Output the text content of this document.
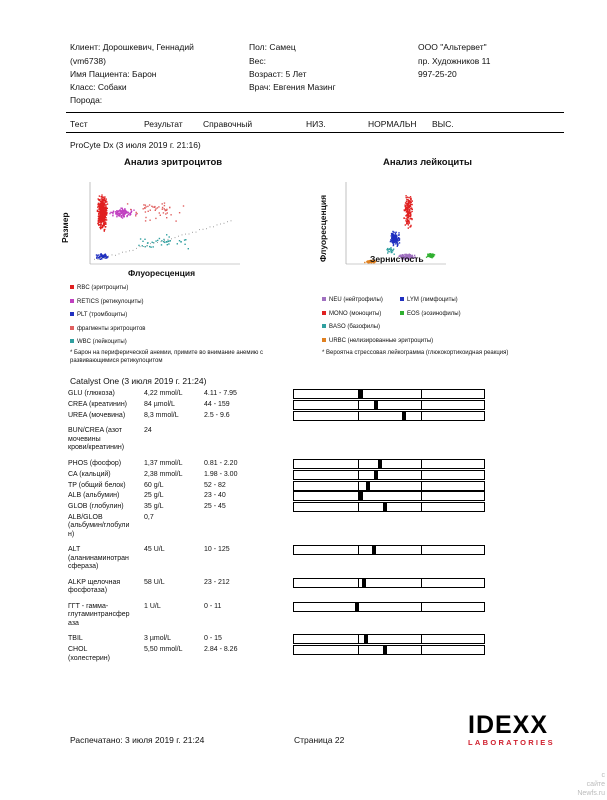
Клиент: Дорошкевич, Геннадий
(vm6738)
Имя Пациента: Барон
Класс: Собаки
Порода:
Пол: Самец
Вес:
Возраст: 5 Лет
Врач: Евгения Мазинг
ООО "Альтервет"
пр. Художников 11
997-25-20
Тест	Результат Справочный	НИЗ.	НОРМАЛЬН ВЫС.
ProCyte Dx (3 июля 2019 г. 21:16)
Анализ эритроцитов	Анализ лейкоциты
Размер
Флуоресценция
Флуоресценция	Зернистость
RBC (эритроциты)
RETICS (ретикулоциты)
PLT (тромбоциты)
фрагменты эритроцитов
WBC (лейкоциты)
NEU (нейтрофилы)
MONO (моноциты)
BASO (базофилы)
URBC (нелизированные эритроциты)
LYM (лимфоциты)
EOS (эозинофилы)
* Барон на периферической анемии, примите во внимание анемию с
развивающимися ретикулоцитом
* Вероятна стрессовая лейкограмма (глюкокортикоидная реакция)
Catalyst One (3 июля 2019 г. 21:24)
GLU (глюкоза)	4,22 mmol/L	4.11 - 7.95
CREA (креатинин) 84 µmol/L	44 - 159
UREA (мочевина)	8,3 mmol/L	2.5 - 9.6
BUN/CREA (азот
мочевины
крови/креатинин)
24
PHOS (фосфор)	1,37 mmol/L	0.81 - 2.20
CA (кальций)	2,38 mmol/L	1.98 - 3.00
TP (общий белок)	60 g/L	52 - 82
ALB (альбумин)	25 g/L	23 - 40
GLOB (глобулин)	35 g/L	25 - 45
ALB/GLOB
(альбумин/глобули
н)
0,7
ALT
(аланинаминотран
сфераза)
45 U/L	10 - 125
ALKP щелочная
фосфотаза)
58 U/L	23 - 212
ГГТ - гамма-
глутаминтрансфер
аза
1 U/L	0 - 11
TBIL	3 µmol/L	0 - 15
CHOL
(холестерин)
5,50 mmol/L	2.84 - 8.26
Распечатано: 3 июля 2019 г. 21:24	Страница 22
IDEXX
LABORATORIES
с
сайте
Newfs.ru
